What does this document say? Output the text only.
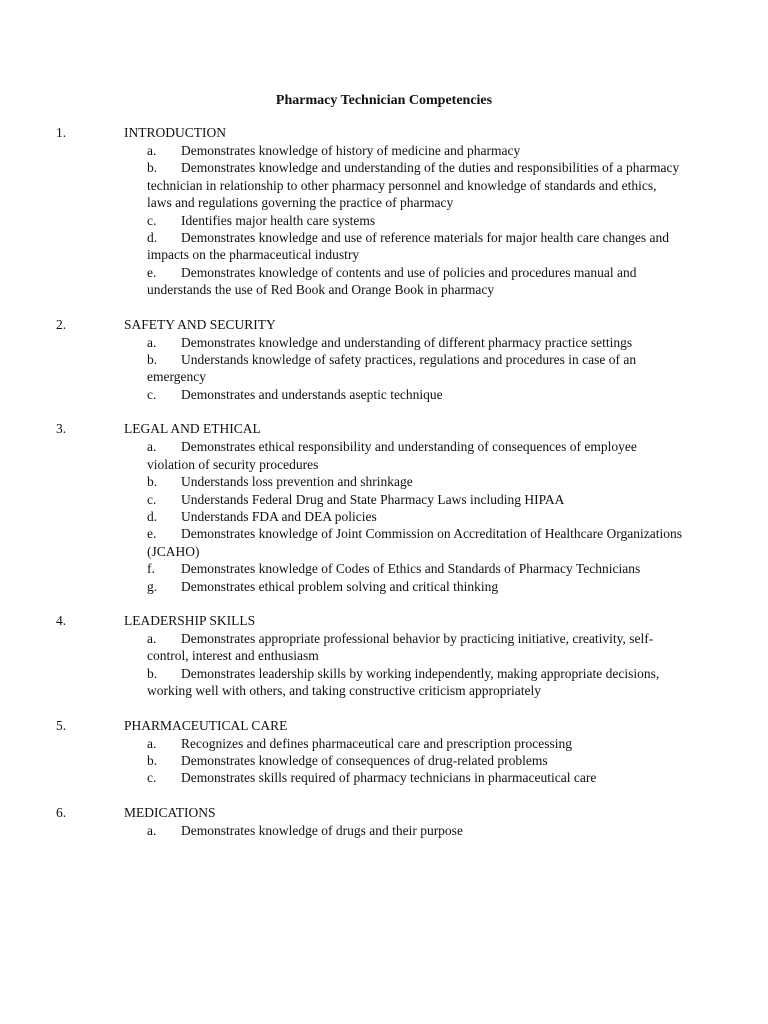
Pharmacy Technician Competencies
1.	INTRODUCTION
a. Demonstrates knowledge of history of medicine and pharmacy
b. Demonstrates knowledge and understanding of the duties and responsibilities of a pharmacy technician in relationship to other pharmacy personnel and knowledge of standards and ethics, laws and regulations governing the practice of pharmacy
c. Identifies major health care systems
d. Demonstrates knowledge and use of reference materials for major health care changes and impacts on the pharmaceutical industry
e. Demonstrates knowledge of contents and use of policies and procedures manual and understands the use of Red Book and Orange Book in pharmacy
2.	SAFETY AND SECURITY
a. Demonstrates knowledge and understanding of different pharmacy practice settings
b. Understands knowledge of safety practices, regulations and procedures in case of an emergency
c. Demonstrates and understands aseptic technique
3.	LEGAL AND ETHICAL
a. Demonstrates ethical responsibility and understanding of consequences of employee violation of security procedures
b. Understands loss prevention and shrinkage
c. Understands Federal Drug and State Pharmacy Laws including HIPAA
d. Understands FDA and DEA policies
e. Demonstrates knowledge of Joint Commission on Accreditation of Healthcare Organizations (JCAHO)
f. Demonstrates knowledge of Codes of Ethics and Standards of Pharmacy Technicians
g. Demonstrates ethical problem solving and critical thinking
4.	LEADERSHIP SKILLS
a. Demonstrates appropriate professional behavior by practicing initiative, creativity, self-control, interest and enthusiasm
b. Demonstrates leadership skills by working independently, making appropriate decisions, working well with others, and taking constructive criticism appropriately
5.	PHARMACEUTICAL CARE
a. Recognizes and defines pharmaceutical care and prescription processing
b. Demonstrates knowledge of consequences of drug-related problems
c. Demonstrates skills required of pharmacy technicians in pharmaceutical care
6.	MEDICATIONS
a. Demonstrates knowledge of drugs and their purpose
